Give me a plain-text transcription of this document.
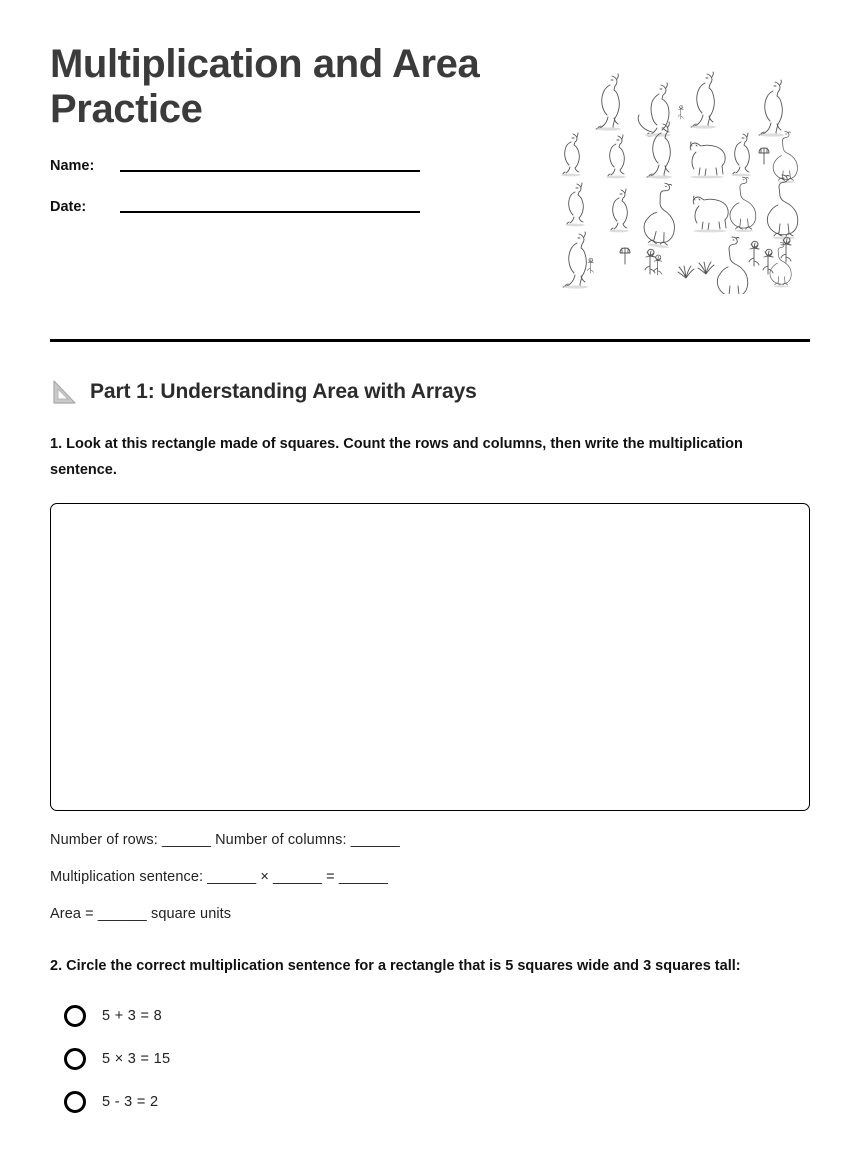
Multiplication and Area Practice
Name:
Date:
Part 1: Understanding Area with Arrays
1. Look at this rectangle made of squares. Count the rows and columns, then write the multiplication sentence.
Number of rows: ______ Number of columns: ______
Multiplication sentence: ______ × ______ = ______
Area = ______ square units
2. Circle the correct multiplication sentence for a rectangle that is 5 squares wide and 3 squares tall:
5 + 3 = 8
5 × 3 = 15
5 - 3 = 2
